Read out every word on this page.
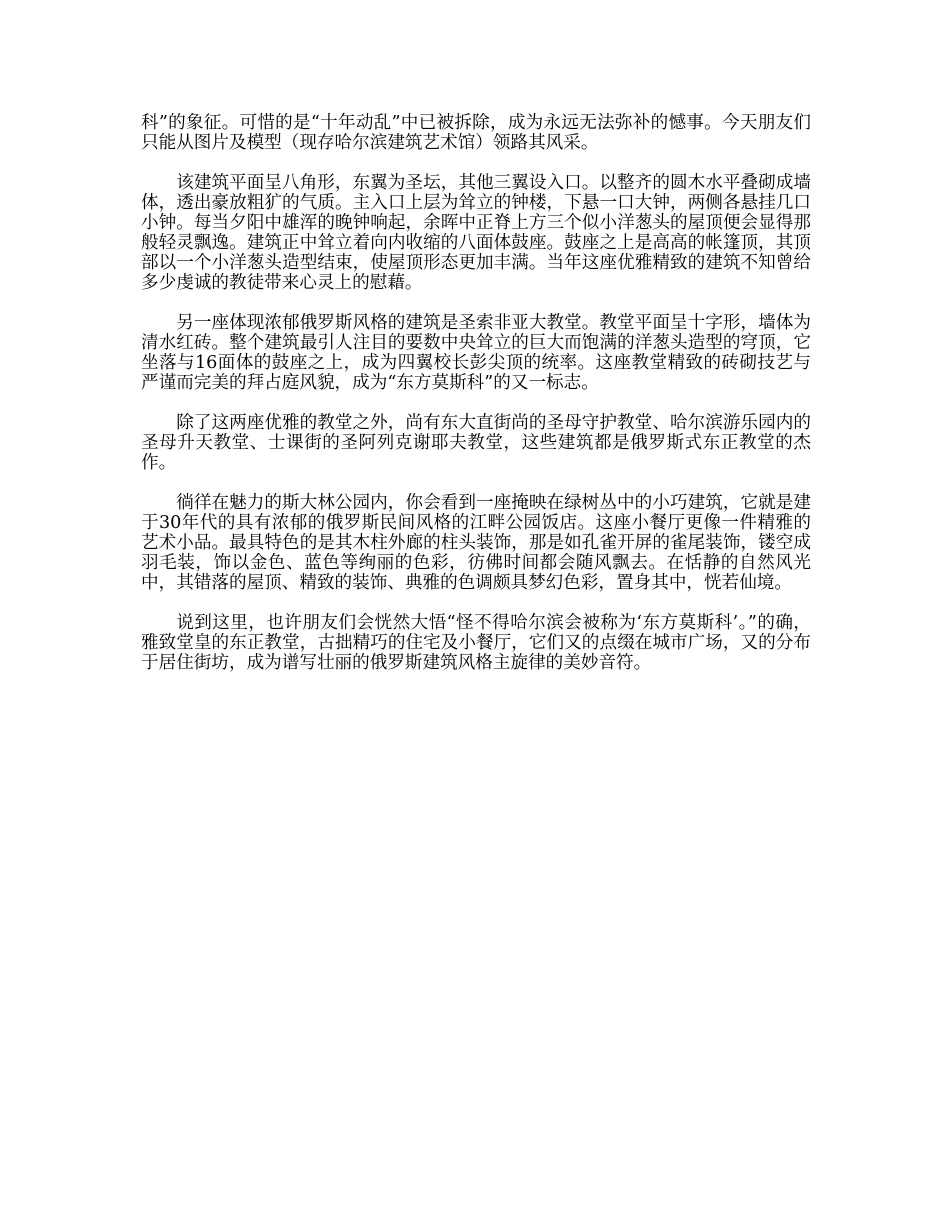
科”的象征。可惜的是“十年动乱”中已被拆除，成为永远无法弥补的憾事。今天朋友们只能从图片及模型（现存哈尔滨建筑艺术馆）领路其风采。

该建筑平面呈八角形，东翼为圣坛，其他三翼设入口。以整齐的圆木水平叠砌成墙体，透出豪放粗犷的气质。主入口上层为耸立的钟楼，下悬一口大钟，两侧各悬挂几口小钟。每当夕阳中雄浑的晚钟响起，余晖中正脊上方三个似小洋葱头的屋顶便会显得那般轻灵飘逸。建筑正中耸立着向内收缩的八面体鼓座。鼓座之上是高高的帐篷顶，其顶部以一个小洋葱头造型结束，使屋顶形态更加丰满。当年这座优雅精致的建筑不知曾给多少虔诚的教徒带来心灵上的慰藉。

另一座体现浓郁俄罗斯风格的建筑是圣索非亚大教堂。教堂平面呈十字形，墙体为清水红砖。整个建筑最引人注目的要数中央耸立的巨大而饱满的洋葱头造型的穹顶，它坐落与16面体的鼓座之上，成为四翼校长彭尖顶的统率。这座教堂精致的砖砌技艺与严谨而完美的拜占庭风貌，成为“东方莫斯科”的又一标志。

除了这两座优雅的教堂之外，尚有东大直街尚的圣母守护教堂、哈尔滨游乐园内的圣母升天教堂、士课街的圣阿列克谢耶夫教堂，这些建筑都是俄罗斯式东正教堂的杰作。

徜徉在魅力的斯大林公园内，你会看到一座掩映在绿树丛中的小巧建筑，它就是建于30年代的具有浓郁的俄罗斯民间风格的江畔公园饭店。这座小餐厅更像一件精雅的艺术小品。最具特色的是其木柱外廊的柱头装饰，那是如孔雀开屏的雀尾装饰，镂空成羽毛装，饰以金色、蓝色等绚丽的色彩，彷佛时间都会随风飘去。在恬静的自然风光中，其错落的屋顶、精致的装饰、典雅的色调颇具梦幻色彩，置身其中，恍若仙境。

说到这里，也许朋友们会恍然大悟“怪不得哈尔滨会被称为‘东方莫斯科’。”的确，雅致堂皇的东正教堂，古拙精巧的住宅及小餐厅，它们又的点缀在城市广场，又的分布于居住街坊，成为谱写壮丽的俄罗斯建筑风格主旋律的美妙音符。
